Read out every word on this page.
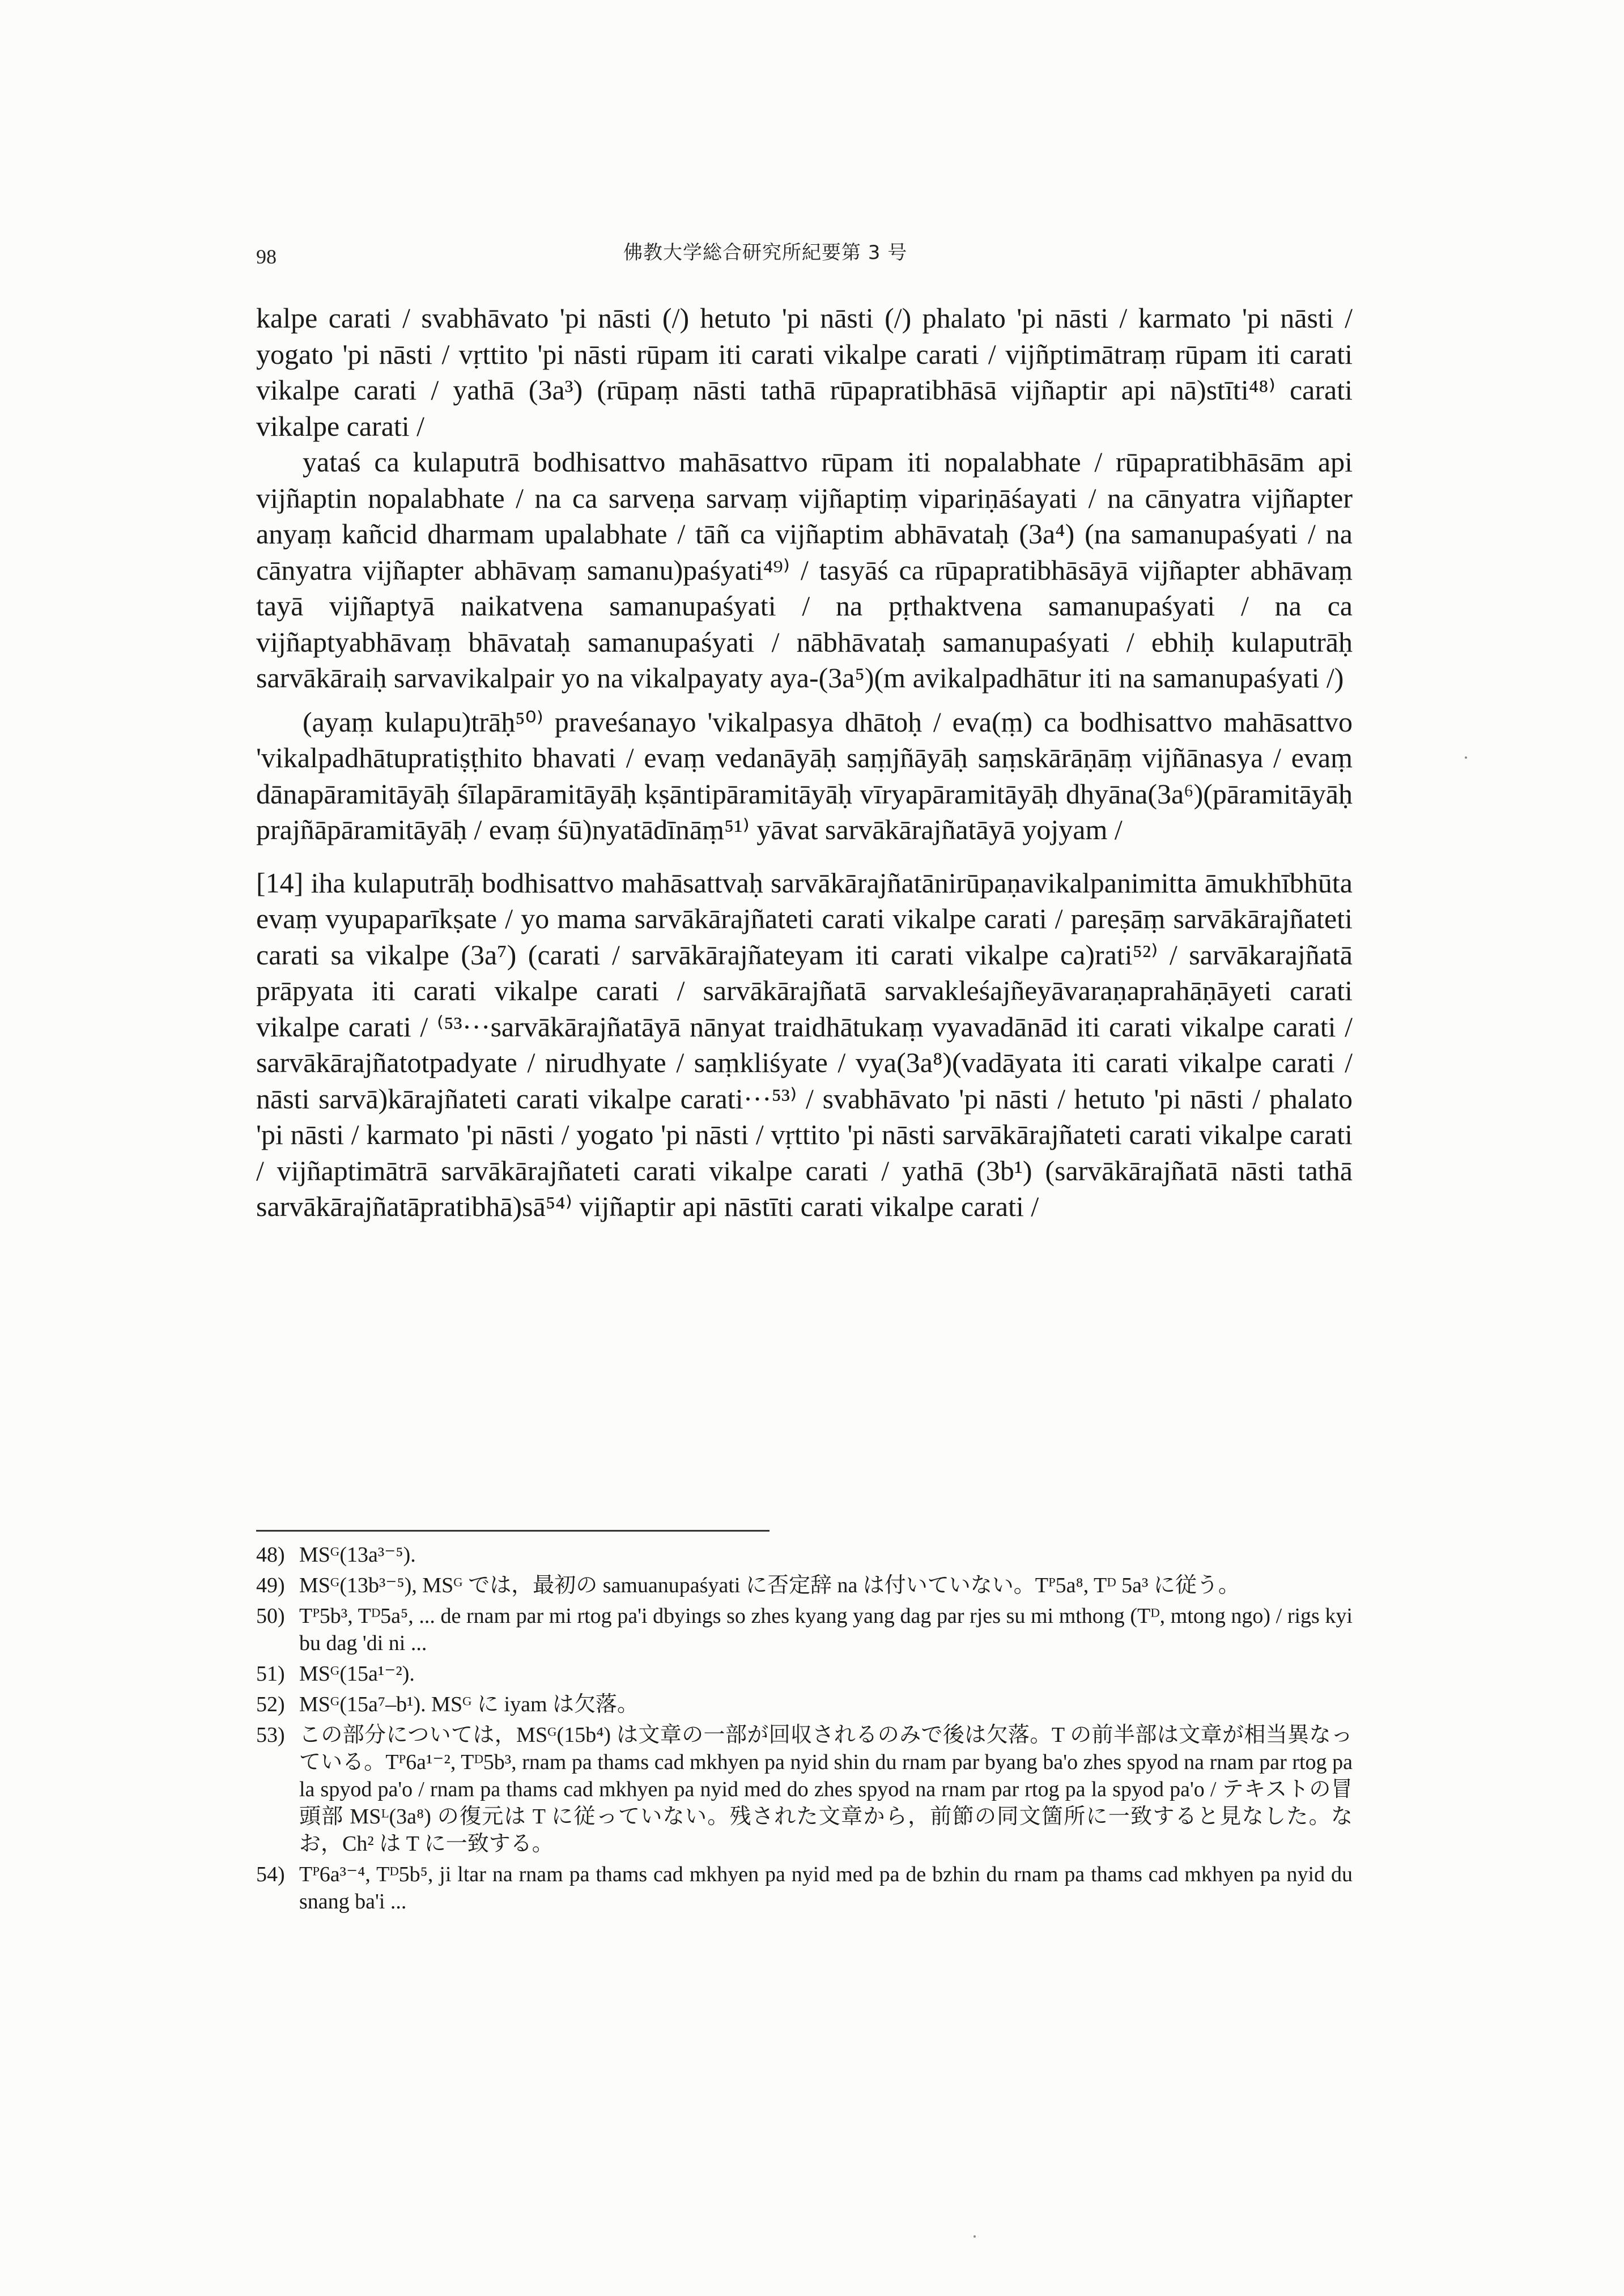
98	佛教大学総合研究所紀要第 3 号

kalpe carati / svabhāvato 'pi nāsti (/) hetuto 'pi nāsti (/) phalato 'pi nāsti / karmato 'pi nāsti / yogato 'pi nāsti / vṛttito 'pi nāsti rūpam iti carati vikalpe carati / vijñptimātraṃ rūpam iti carati vikalpe carati / yathā (3a³) (rūpaṃ nāsti tathā rūpapratibhāsā vijñaptir api nā)stīti⁴⁸⁾ carati vikalpe carati /

yataś ca kulaputrā bodhisattvo mahāsattvo rūpam iti nopalabhate / rūpapratibhāsām api vijñaptin nopalabhate / na ca sarveṇa sarvaṃ vijñaptiṃ vipariṇāśayati / na cānyatra vijñapter anyaṃ kañcid dharmam upalabhate / tāñ ca vijñaptim abhāvataḥ (3a⁴) (na samanupaśyati / na cānyatra vijñapter abhāvaṃ samanu)paśyati⁴⁹⁾ / tasyāś ca rūpapratibhāsāyā vijñapter abhāvaṃ tayā vijñaptyā naikatvena samanupaśyati / na pṛthaktvena samanupaśyati / na ca vijñaptyabhāvaṃ bhāvataḥ samanupaśyati / nābhāvataḥ samanupaśyati / ebhiḥ kulaputrāḥ sarvākāraiḥ sarvavikalpair yo na vikalpayaty aya-(3a⁵)(m avikalpadhātur iti na samanupaśyati /)

(ayaṃ kulapu)trāḥ⁵⁰⁾ praveśanayo 'vikalpasya dhātoḥ / eva(ṃ) ca bodhisattvo mahāsattvo 'vikalpadhātupratiṣṭhito bhavati / evaṃ vedanāyāḥ saṃjñāyāḥ saṃskārāṇāṃ vijñānasya / evaṃ dānapāramitāyāḥ śīlapāramitāyāḥ kṣāntipāramitāyāḥ vīryapāramitāyāḥ dhyāna(3a⁶)(pāramitāyāḥ prajñāpāramitāyāḥ / evaṃ śū)nyatādīnāṃ⁵¹⁾ yāvat sarvākārajñatāyā yojyam /

[14] iha kulaputrāḥ bodhisattvo mahāsattvaḥ sarvākārajñatānirūpaṇavikalpanimitta āmukhībhūta evaṃ vyupaparīkṣate / yo mama sarvākārajñateti carati vikalpe carati / pareṣāṃ sarvākārajñateti carati sa vikalpe (3a⁷) (carati / sarvākārajñateyam iti carati vikalpe ca)rati⁵²⁾ / sarvākarajñatā prāpyata iti carati vikalpe carati / sarvākārajñatā sarvakleśajñeyāvaraṇaprahāṇāyeti carati vikalpe carati / ⁽⁵³···sarvākārajñatāyā nānyat traidhātukaṃ vyavadānād iti carati vikalpe carati / sarvākārajñatotpadyate / nirudhyate / saṃkliśyate / vya(3a⁸)(vadāyata iti carati vikalpe carati / nāsti sarvā)kārajñateti carati vikalpe carati···⁵³⁾ / svabhāvato 'pi nāsti / hetuto 'pi nāsti / phalato 'pi nāsti / karmato 'pi nāsti / yogato 'pi nāsti / vṛttito 'pi nāsti sarvākārajñateti carati vikalpe carati / vijñaptimātrā sarvākārajñateti carati vikalpe carati / yathā (3b¹) (sarvākārajñatā nāsti tathā sarvākārajñatāpratibhā)sā⁵⁴⁾ vijñaptir api nāstīti carati vikalpe carati /

48) MSᴳ(13a³⁻⁵).
49) MSᴳ(13b³⁻⁵), MSᴳ では，最初の samuanupaśyati に否定辞 na は付いていない。Tᴾ5a⁸, Tᴰ 5a³ に従う。
50) Tᴾ5b³, Tᴰ5a⁵, ... de rnam par mi rtog pa'i dbyings so zhes kyang yang dag par rjes su mi mthong (Tᴰ, mtong ngo) / rigs kyi bu dag 'di ni ...
51) MSᴳ(15a¹⁻²).
52) MSᴳ(15a⁷–b¹). MSᴳ に iyam は欠落。
53) この部分については，MSᴳ(15b⁴) は文章の一部が回収されるのみで後は欠落。T の前半部は文章が相当異なっている。Tᴾ6a¹⁻², Tᴰ5b³, rnam pa thams cad mkhyen pa nyid shin du rnam par byang ba'o zhes spyod na rnam par rtog pa la spyod pa'o / rnam pa thams cad mkhyen pa nyid med do zhes spyod na rnam par rtog pa la spyod pa'o / テキストの冒頭部 MSᴸ(3a⁸) の復元は T に従っていない。残された文章から，前節の同文箇所に一致すると見なした。なお，Ch² は T に一致する。
54) Tᴾ6a³⁻⁴, Tᴰ5b⁵, ji ltar na rnam pa thams cad mkhyen pa nyid med pa de bzhin du rnam pa thams cad mkhyen pa nyid du snang ba'i ...
